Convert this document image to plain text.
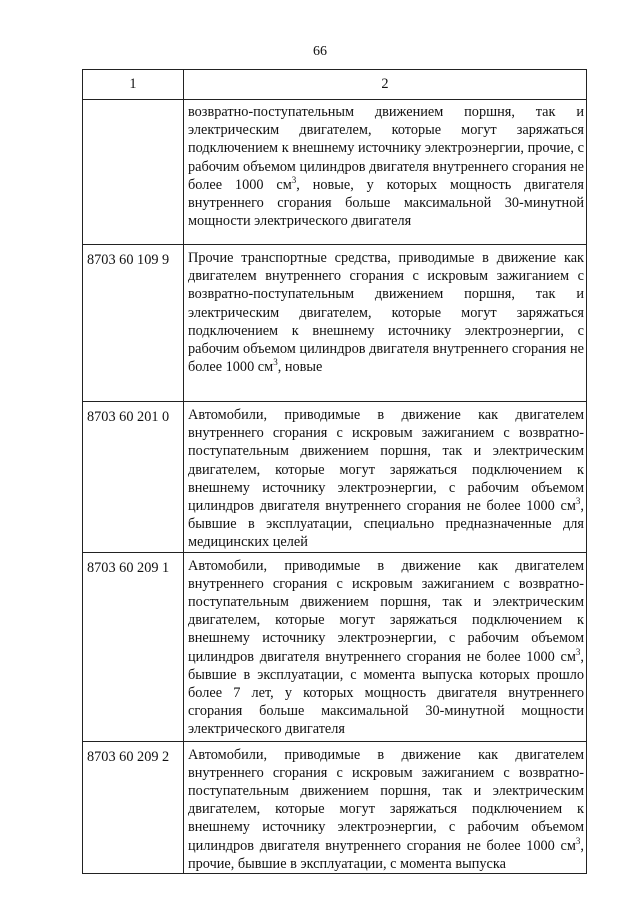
66
1	2
	возвратно-поступательным движением поршня, так и электрическим двигателем, которые могут заряжаться подключением к внешнему источнику электроэнергии, прочие, с рабочим объемом цилиндров двигателя внутреннего сгорания не более 1000 $см^3$, новые, у которых мощность двигателя внутреннего сгорания больше максимальной 30-минутной мощности электрического двигателя
8703 60 109 9	Прочие транспортные средства, приводимые в движение как двигателем внутреннего сгорания с искровым зажиганием с возвратно-поступательным движением поршня, так и электрическим двигателем, которые могут заряжаться подключением к внешнему источнику электроэнергии, с рабочим объемом цилиндров двигателя внутреннего сгорания не более 1000 $см^3$, новые
8703 60 201 0	Автомобили, приводимые в движение как двигателем внутреннего сгорания с искровым зажиганием с возвратно-поступательным движением поршня, так и электрическим двигателем, которые могут заряжаться подключением к внешнему источнику электроэнергии, с рабочим объемом цилиндров двигателя внутреннего сгорания не более 1000 $см^3$, бывшие в эксплуатации, специально предназначенные для медицинских целей
8703 60 209 1	Автомобили, приводимые в движение как двигателем внутреннего сгорания с искровым зажиганием с возвратно-поступательным движением поршня, так и электрическим двигателем, которые могут заряжаться подключением к внешнему источнику электроэнергии, с рабочим объемом цилиндров двигателя внутреннего сгорания не более 1000 $см^3$, бывшие в эксплуатации, с момента выпуска которых прошло более 7 лет, у которых мощность двигателя внутреннего сгорания больше максимальной 30-минутной мощности электрического двигателя
8703 60 209 2	Автомобили, приводимые в движение как двигателем внутреннего сгорания с искровым зажиганием с возвратно-поступательным движением поршня, так и электрическим двигателем, которые могут заряжаться подключением к внешнему источнику электроэнергии, с рабочим объемом цилиндров двигателя внутреннего сгорания не более 1000 $см^3$, прочие, бывшие в эксплуатации, с момента выпуска
